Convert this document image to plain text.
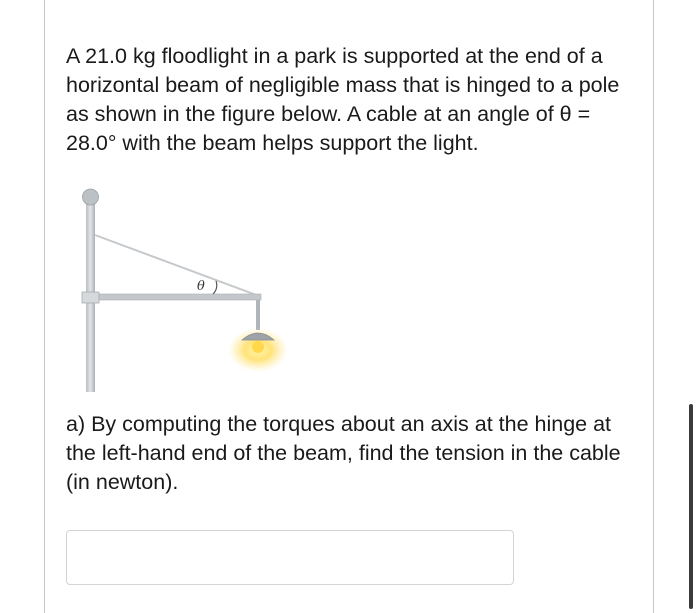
A 21.0 kg floodlight in a park is supported at the end of a horizontal beam of negligible mass that is hinged to a pole as shown in the figure below. A cable at an angle of θ = 28.0° with the beam helps support the light.

θ

a) By computing the torques about an axis at the hinge at the left-hand end of the beam, find the tension in the cable (in newton).
